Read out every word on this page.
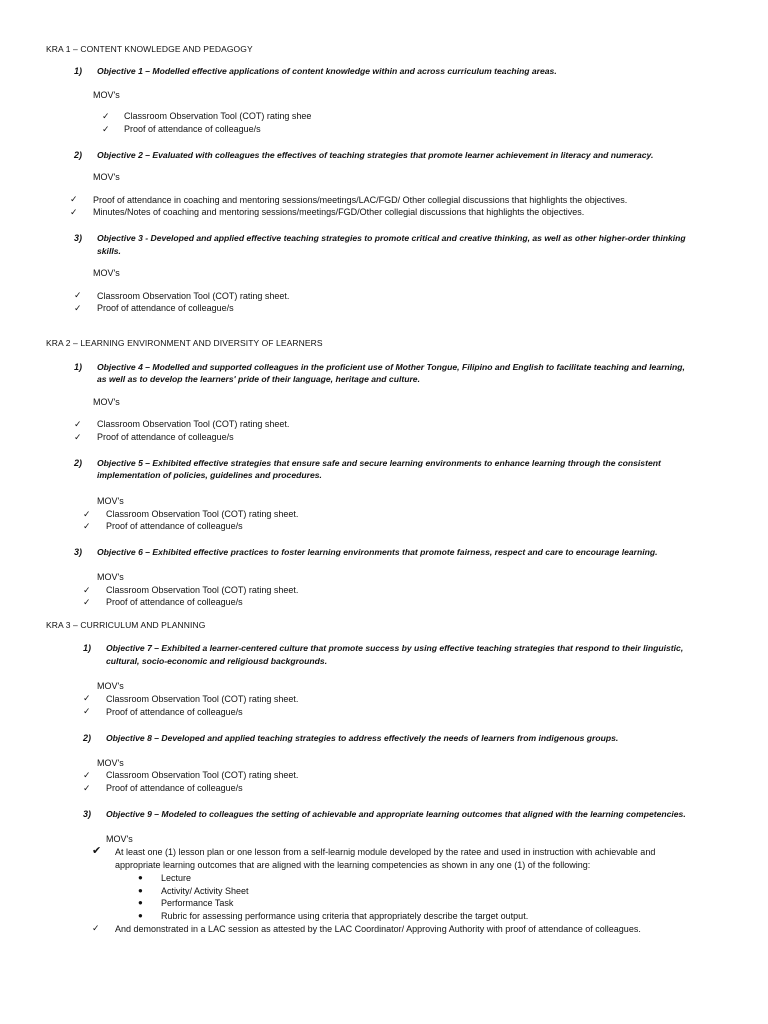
KRA 1 – CONTENT KNOWLEDGE AND PEDAGOGY
1) Objective 1 – Modelled effective applications of content knowledge within and across curriculum teaching areas.
MOV's
✓ Classroom Observation Tool (COT) rating shee
✓ Proof of attendance of colleague/s
2) Objective 2 – Evaluated with colleagues the effectives of teaching strategies that promote learner achievement in literacy and numeracy.
MOV's
✓ Proof of attendance in coaching and mentoring sessions/meetings/LAC/FGD/ Other collegial discussions that highlights the objectives.
✓ Minutes/Notes of coaching and mentoring sessions/meetings/FGD/Other collegial discussions that highlights the objectives.
3) Objective 3 - Developed and applied effective teaching strategies to promote critical and creative thinking, as well as other higher-order thinking
skills.
MOV's
✓ Classroom Observation Tool (COT) rating sheet.
✓ Proof of attendance of colleague/s
KRA 2 – LEARNING ENVIRONMENT AND DIVERSITY OF LEARNERS
1) Objective 4 – Modelled and supported colleagues in the proficient use of Mother Tongue, Filipino and English to facilitate teaching and learning,
as well as to develop the learners' pride of their language, heritage and culture.
MOV's
✓ Classroom Observation Tool (COT) rating sheet.
✓ Proof of attendance of colleague/s
2) Objective 5 – Exhibited effective strategies that ensure safe and secure learning environments to enhance learning through the consistent
implementation of policies, guidelines and procedures.
MOV's
✓ Classroom Observation Tool (COT) rating sheet.
✓ Proof of attendance of colleague/s
3) Objective 6 – Exhibited effective practices to foster learning environments that promote fairness, respect and care to encourage learning.
MOV's
✓ Classroom Observation Tool (COT) rating sheet.
✓ Proof of attendance of colleague/s
KRA 3 – CURRICULUM AND PLANNING
1) Objective 7 – Exhibited a learner-centered culture that promote success by using effective teaching strategies that respond to their linguistic,
cultural, socio-economic and religiousd backgrounds.
MOV's
✓ Classroom Observation Tool (COT) rating sheet.
✓ Proof of attendance of colleague/s
2) Objective 8 – Developed and applied teaching strategies to address effectively the needs of learners from indigenous groups.
MOV's
✓ Classroom Observation Tool (COT) rating sheet.
✓ Proof of attendance of colleague/s
3) Objective 9 – Modeled to colleagues the setting of achievable and appropriate learning outcomes that aligned with the learning competencies.
MOV's
✔ At least one (1) lesson plan or one lesson from a self-learnig module developed by the ratee and used in instruction with achievable and
appropriate learning outcomes that are aligned with the learning competencies as shown in any one (1) of the following:
● Lecture
● Activity/ Activity Sheet
● Performance Task
● Rubric for assessing performance using criteria that appropriately describe the target output.
✓ And demonstrated in a LAC session as attested by the LAC Coordinator/ Approving Authority with proof of attendance of colleagues.
